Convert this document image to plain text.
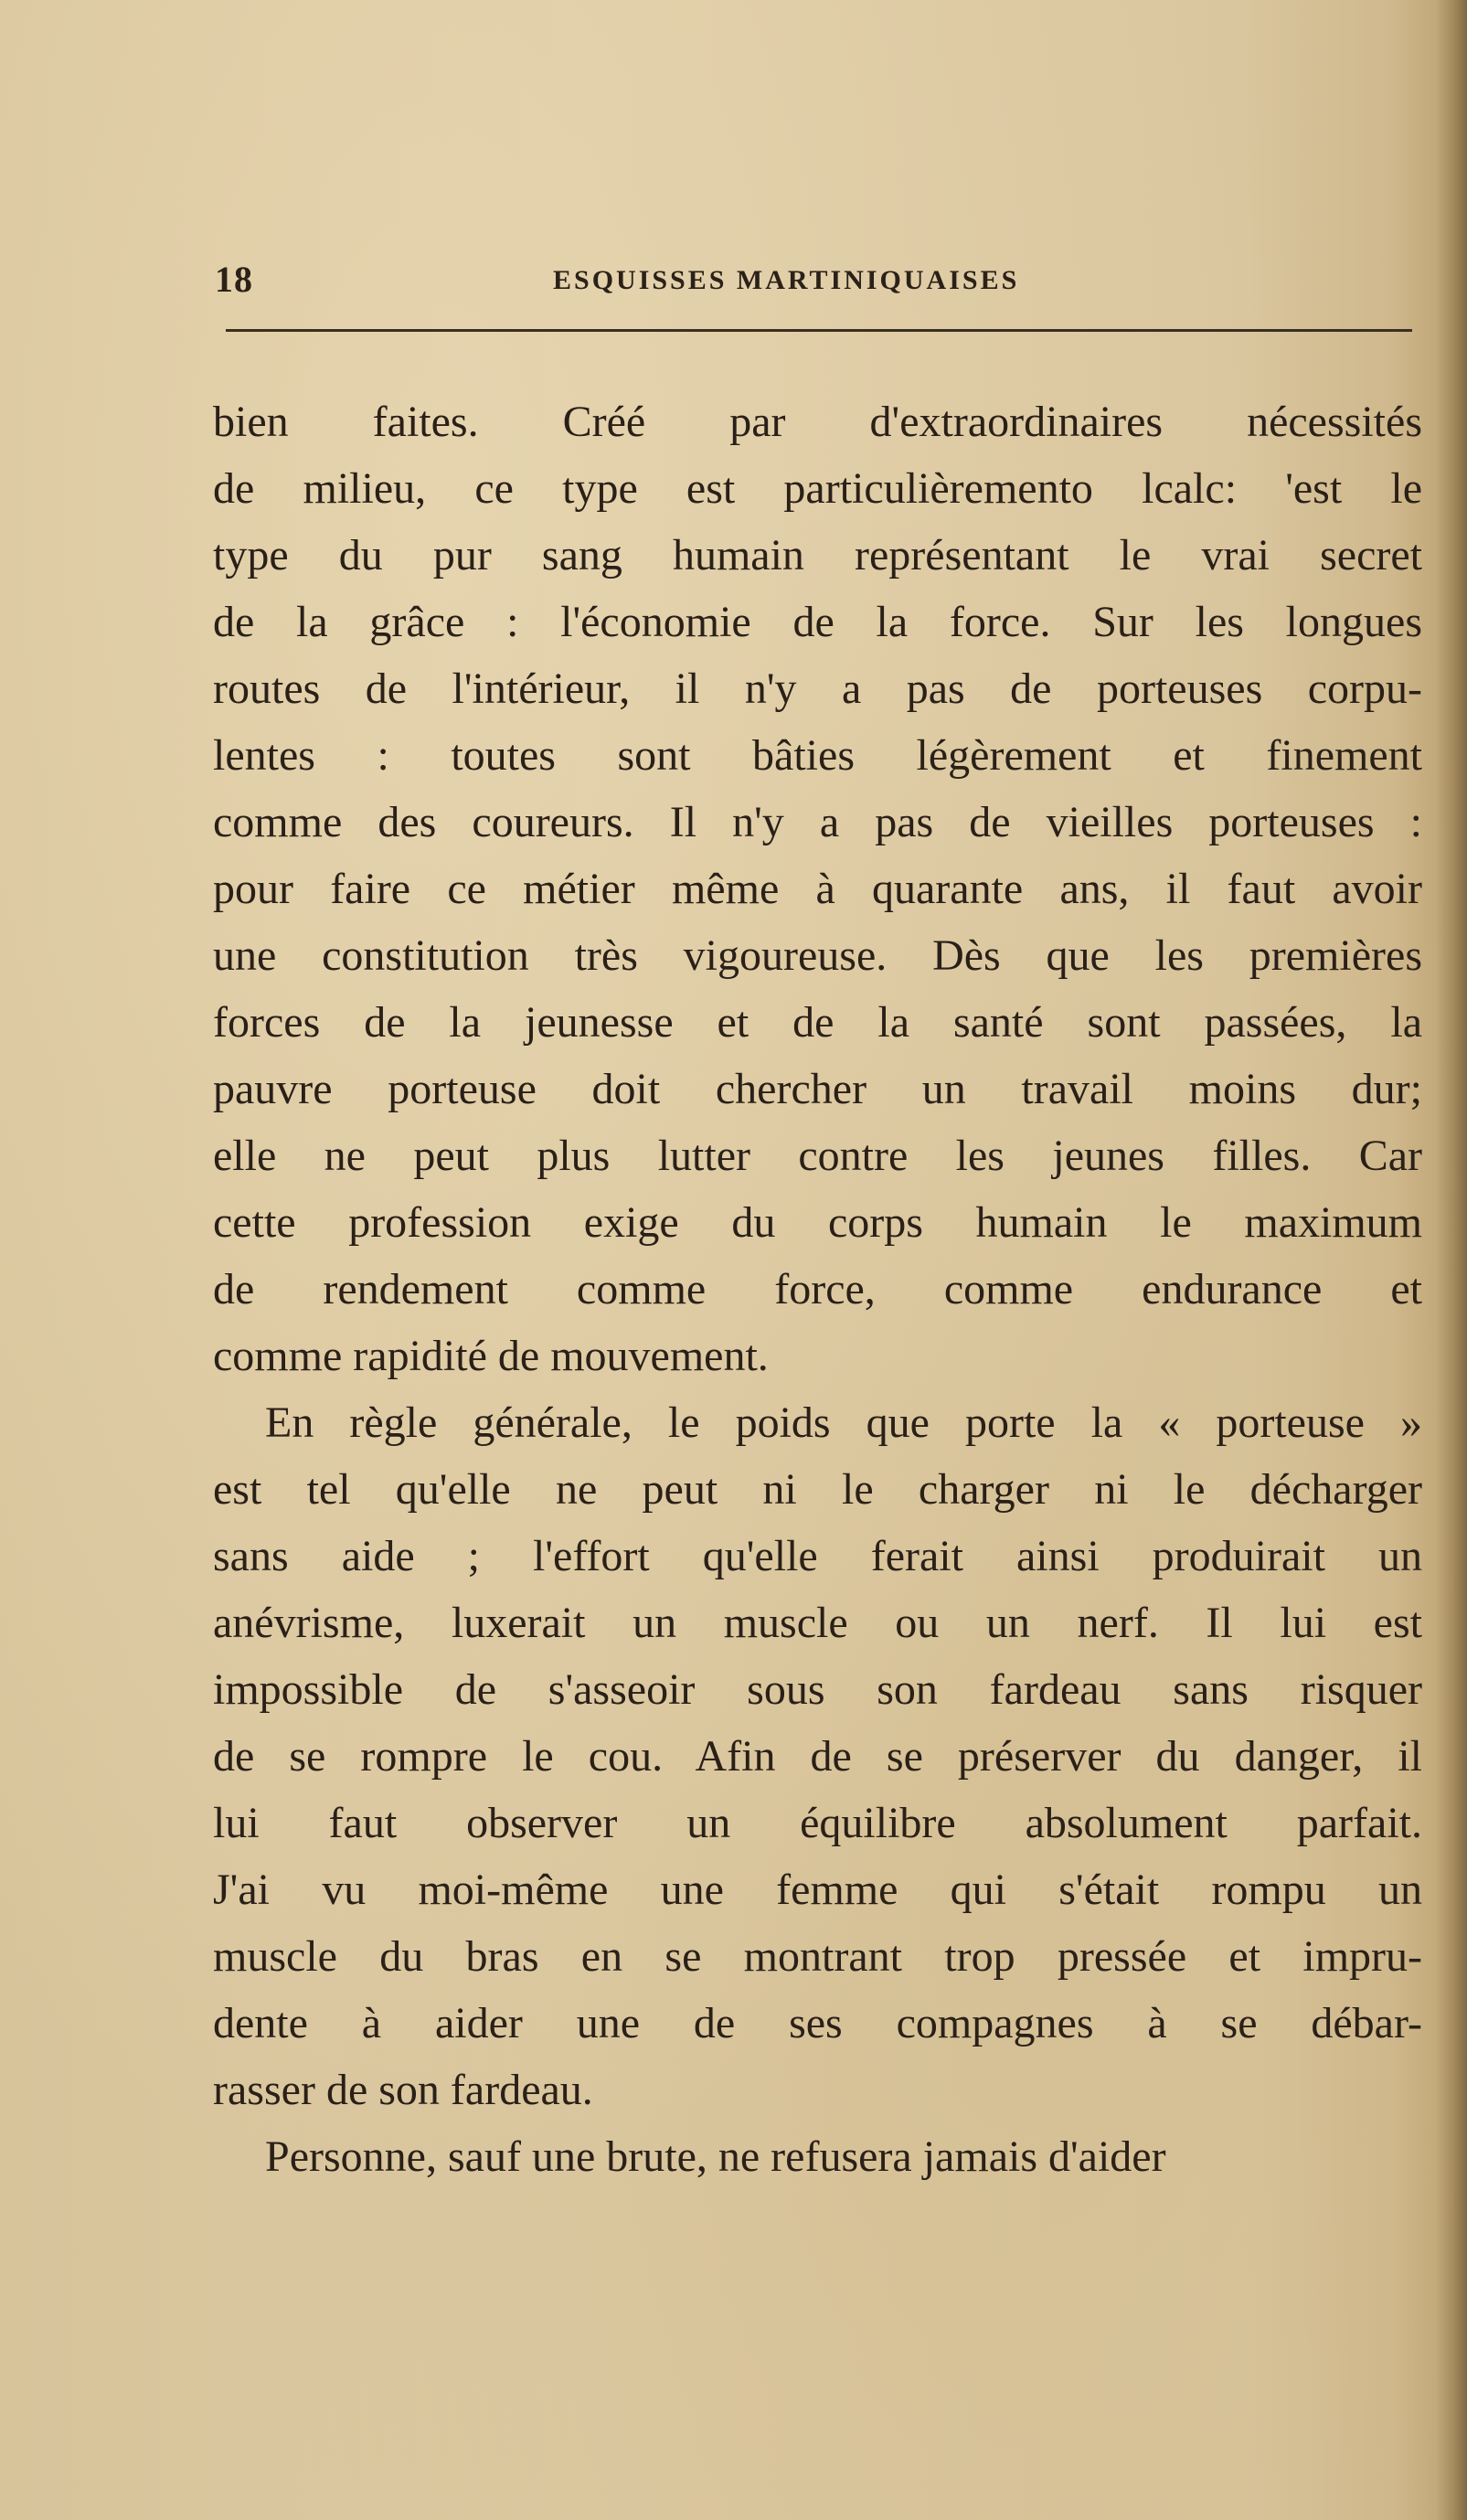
18	ESQUISSES MARTINIQUAISES
bien faites. Créé par d'extraordinaires nécessités
de milieu, ce type est particulièremento lcalc: 'est le
type du pur sang humain représentant le vrai secret
de la grâce : l'économie de la force. Sur les longues
routes de l'intérieur, il n'y a pas de porteuses corpu-
lentes : toutes sont bâties légèrement et finement
comme des coureurs. Il n'y a pas de vieilles porteuses :
pour faire ce métier même à quarante ans, il faut avoir
une constitution très vigoureuse. Dès que les premières
forces de la jeunesse et de la santé sont passées, la
pauvre porteuse doit chercher un travail moins dur;
elle ne peut plus lutter contre les jeunes filles. Car
cette profession exige du corps humain le maximum
de rendement comme force, comme endurance et
comme rapidité de mouvement.
En règle générale, le poids que porte la « porteuse »
est tel qu'elle ne peut ni le charger ni le décharger
sans aide ; l'effort qu'elle ferait ainsi produirait un
anévrisme, luxerait un muscle ou un nerf. Il lui est
impossible de s'asseoir sous son fardeau sans risquer
de se rompre le cou. Afin de se préserver du danger, il
lui faut observer un équilibre absolument parfait.
J'ai vu moi-même une femme qui s'était rompu un
muscle du bras en se montrant trop pressée et impru-
dente à aider une de ses compagnes à se débar-
rasser de son fardeau.
Personne, sauf une brute, ne refusera jamais d'aider
